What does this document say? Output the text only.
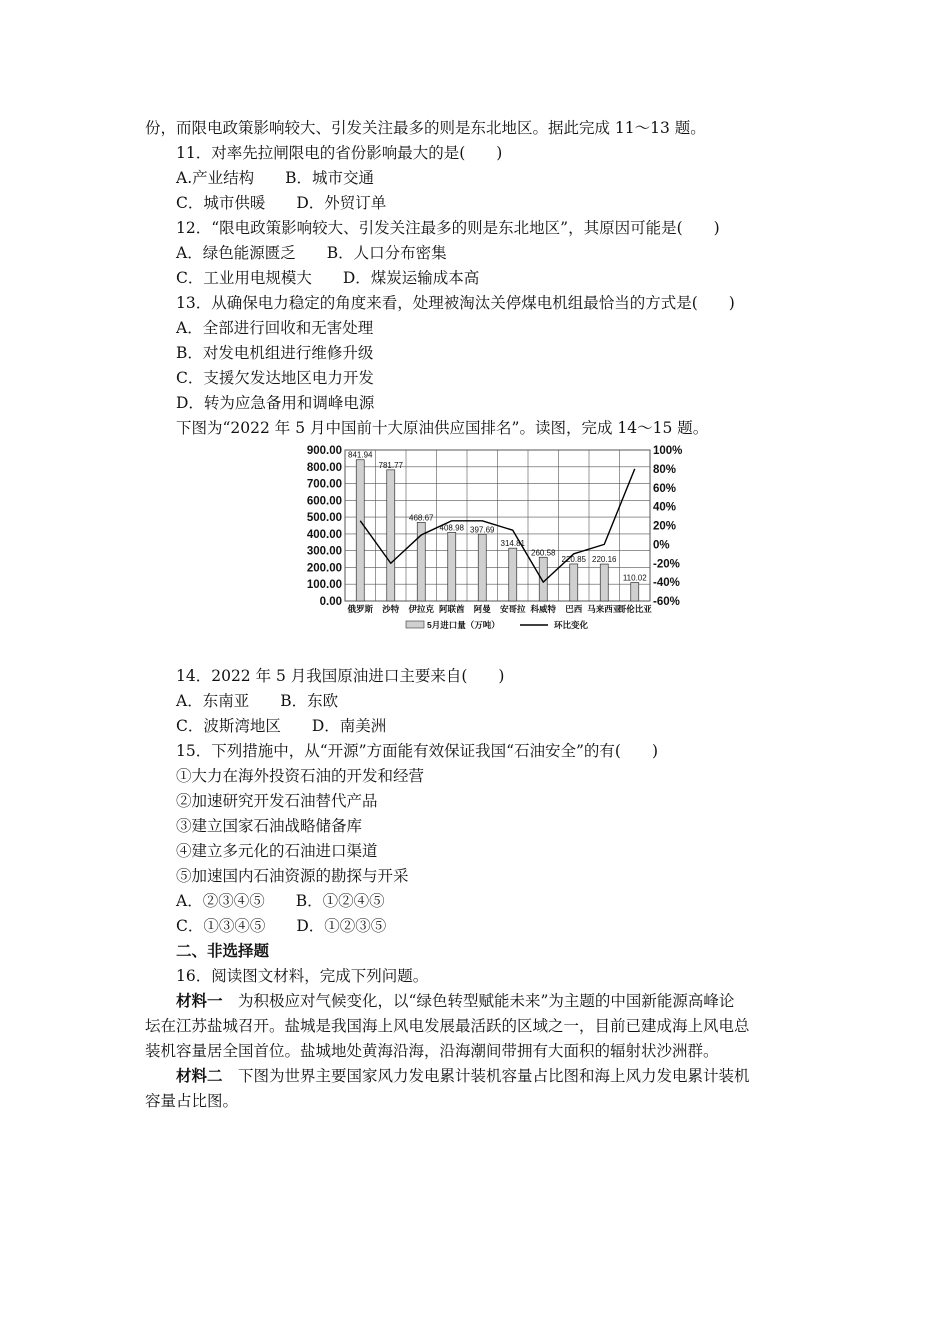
份，而限电政策影响较大、引发关注最多的则是东北地区。据此完成 11～13 题。
11．对率先拉闸限电的省份影响最大的是(　　)
A.产业结构　　B．城市交通
C．城市供暖　　D．外贸订单
12．“限电政策影响较大、引发关注最多的则是东北地区”，其原因可能是(　　)
A．绿色能源匮乏　　B．人口分布密集
C．工业用电规模大　　D．煤炭运输成本高
13．从确保电力稳定的角度来看，处理被淘汰关停煤电机组最恰当的方式是(　　)
A．全部进行回收和无害处理
B．对发电机组进行维修升级
C．支援欠发达地区电力开发
D．转为应急备用和调峰电源
下图为“2022 年 5 月中国前十大原油供应国排名”。读图，完成 14～15 题。
900.00
800.00
700.00
600.00
500.00
400.00
300.00
200.00
100.00
0.00
100%
80%
60%
40%
20%
0%
-20%
-40%
-60%
841.94
俄罗斯
781.77
沙特
468.67
伊拉克
408.98
阿联酋
397.69
阿曼
314.81
安哥拉
260.58
科威特
220.85
巴西
220.16
马来西亚
110.02
哥伦比亚
5月进口量（万吨）	环比变化
14．2022 年 5 月我国原油进口主要来自(　　)
A．东南亚　　B．东欧
C．波斯湾地区　　D．南美洲
15．下列措施中，从“开源”方面能有效保证我国“石油安全”的有(　　)
①大力在海外投资石油的开发和经营
②加速研究开发石油替代产品
③建立国家石油战略储备库
④建立多元化的石油进口渠道
⑤加速国内石油资源的勘探与开采
A．②③④⑤　　B．①②④⑤
C．①③④⑤　　D．①②③⑤
二、非选择题
16．阅读图文材料，完成下列问题。
材料一　 为积极应对气候变化，以“绿色转型赋能未来”为主题的中国新能源高峰论
坛在江苏盐城召开。盐城是我国海上风电发展最活跃的区域之一，目前已建成海上风电总
装机容量居全国首位。盐城地处黄海沿海，沿海潮间带拥有大面积的辐射状沙洲群。
材料二　 下图为世界主要国家风力发电累计装机容量占比图和海上风力发电累计装机
容量占比图。
